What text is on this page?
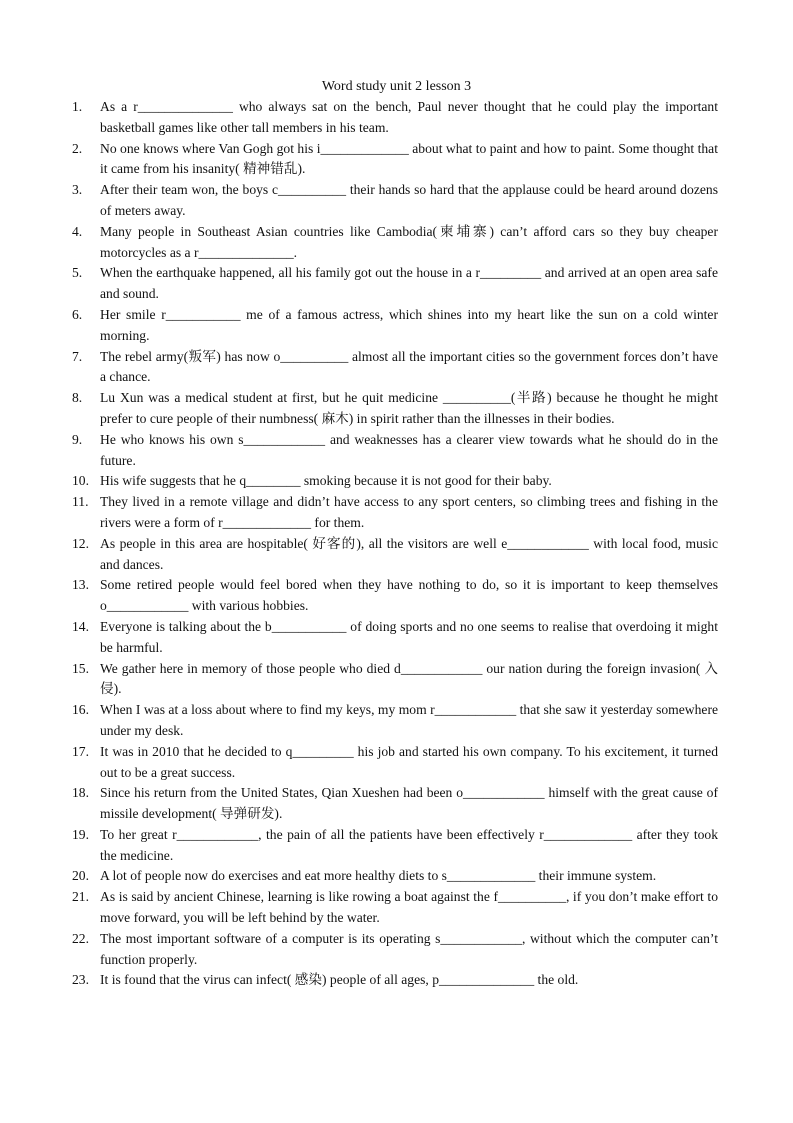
Word study unit 2 lesson 3
1. As a r______________ who always sat on the bench, Paul never thought that he could play the important basketball games like other tall members in his team.
2. No one knows where Van Gogh got his i_____________ about what to paint and how to paint. Some thought that it came from his insanity( 精神错乱).
3. After their team won, the boys c__________ their hands so hard that the applause could be heard around dozens of meters away.
4. Many people in Southeast Asian countries like Cambodia(柬埔寨) can’t afford cars so they buy cheaper motorcycles as a r______________.
5. When the earthquake happened, all his family got out the house in a r_________ and arrived at an open area safe and sound.
6. Her smile r___________ me of a famous actress, which shines into my heart like the sun on a cold winter morning.
7. The rebel army(叛军) has now o__________ almost all the important cities so the government forces don’t have a chance.
8. Lu Xun was a medical student at first, but he quit medicine __________(半路) because he thought he might prefer to cure people of their numbness( 麻木) in spirit rather than the illnesses in their bodies.
9. He who knows his own s____________ and weaknesses has a clearer view towards what he should do in the future.
10. His wife suggests that he q________ smoking because it is not good for their baby.
11. They lived in a remote village and didn’t have access to any sport centers, so climbing trees and fishing in the rivers were a form of r_____________ for them.
12. As people in this area are hospitable( 好客的), all the visitors are well e____________ with local food, music and dances.
13. Some retired people would feel bored when they have nothing to do, so it is important to keep themselves o____________ with various hobbies.
14. Everyone is talking about the b___________ of doing sports and no one seems to realise that overdoing it might be harmful.
15. We gather here in memory of those people who died d____________ our nation during the foreign invasion( 入侵).
16. When I was at a loss about where to find my keys, my mom r____________ that she saw it yesterday somewhere under my desk.
17. It was in 2010 that he decided to q_________ his job and started his own company. To his excitement, it turned out to be a great success.
18. Since his return from the United States, Qian Xueshen had been o____________ himself with the great cause of missile development( 导弹研发).
19. To her great r____________, the pain of all the patients have been effectively r_____________ after they took the medicine.
20. A lot of people now do exercises and eat more healthy diets to s_____________ their immune system.
21. As is said by ancient Chinese, learning is like rowing a boat against the f__________, if you don’t make effort to move forward, you will be left behind by the water.
22. The most important software of a computer is its operating s____________, without which the computer can’t function properly.
23. It is found that the virus can infect( 感染) people of all ages, p______________ the old.
